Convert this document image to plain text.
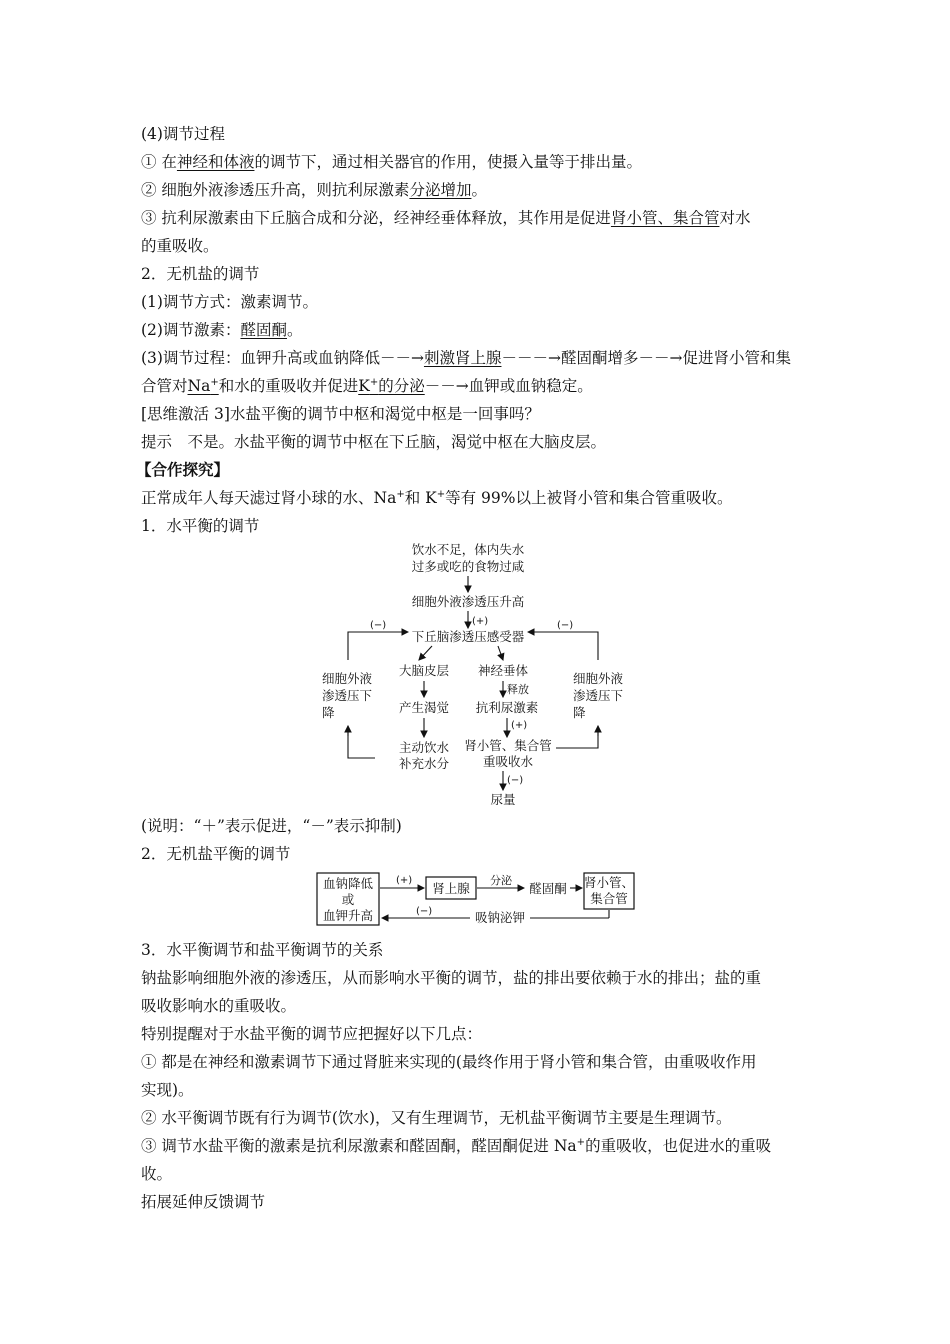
(4)调节过程
① 在神经和体液的调节下，通过相关器官的作用，使摄入量等于排出量。
② 细胞外液渗透压升高，则抗利尿激素分泌增加。
③ 抗利尿激素由下丘脑合成和分泌，经神经垂体释放，其作用是促进肾小管、集合管对水
的重吸收。
2．无机盐的调节
(1)调节方式：激素调节。
(2)调节激素：醛固酮。
(3)调节过程：血钾升高或血钠降低－－→刺激肾上腺－－－→醛固酮增多－－→促进肾小管和集
合管对Na+和水的重吸收并促进K+的分泌－－→血钾或血钠稳定。
[思维激活 3]水盐平衡的调节中枢和渴觉中枢是一回事吗？
提示　不是。水盐平衡的调节中枢在下丘脑，渴觉中枢在大脑皮层。
【合作探究】
正常成年人每天滤过肾小球的水、Na+和 K+等有 99%以上被肾小管和集合管重吸收。
1．水平衡的调节
饮水不足，体内失水
过多或吃的食物过咸
细胞外液渗透压升高
(+)
下丘脑渗透压感受器
(−)
细胞外液
渗透压下
降
(−)
细胞外液
渗透压下
降
大脑皮层
产生渴觉
主动饮水
补充水分
神经垂体
释放
抗利尿激素
(+)
肾小管、集合管
重吸收水
(−)
尿量
(说明：“＋”表示促进，“－”表示抑制)
2．无机盐平衡的调节
血钠降低
或
血钾升高
(+)
肾上腺
分泌
醛固酮 肾小管、
集合管
吸钠泌钾
(−)
3．水平衡调节和盐平衡调节的关系
钠盐影响细胞外液的渗透压，从而影响水平衡的调节，盐的排出要依赖于水的排出；盐的重
吸收影响水的重吸收。
特别提醒对于水盐平衡的调节应把握好以下几点：
① 都是在神经和激素调节下通过肾脏来实现的(最终作用于肾小管和集合管，由重吸收作用
实现)。
② 水平衡调节既有行为调节(饮水)，又有生理调节，无机盐平衡调节主要是生理调节。
③ 调节水盐平衡的激素是抗利尿激素和醛固酮，醛固酮促进 Na+的重吸收，也促进水的重吸
收。
拓展延伸反馈调节
